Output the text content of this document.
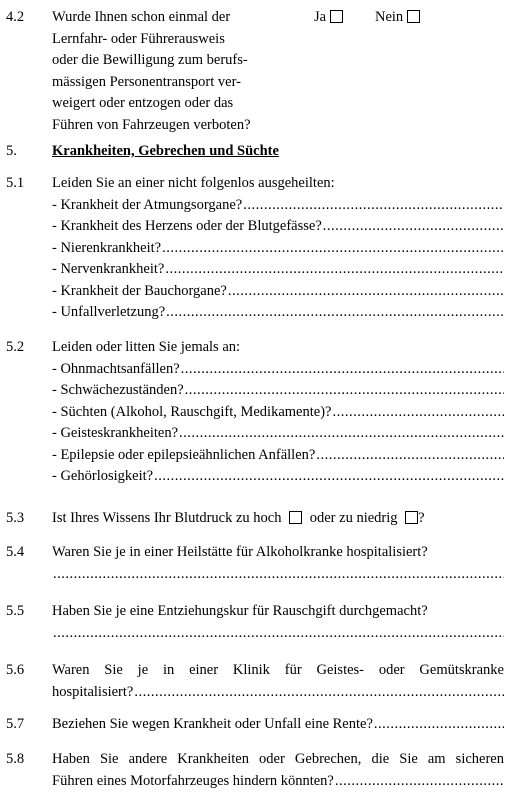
4.2 Wurde Ihnen schon einmal der
Lernfahr- oder Führerausweis
oder die Bewilligung zum berufs-
mässigen Personentransport ver-
weigert oder entzogen oder das
Führen von Fahrzeugen verboten?
Ja	Nein
5. Krankheiten, Gebrechen und Süchte
5.1 Leiden Sie an einer nicht folgenlos ausgeheilten:
- Krankheit der Atmungsorgane?
.....
- Krankheit des Herzens oder der Blutgefässe?
.....
- Nierenkrankheit?
.....
- Nervenkrankheit?
.....
- Krankheit der Bauchorgane?
.....
- Unfallverletzung?
.....
5.2 Leiden oder litten Sie jemals an:
- Ohnmachtsanfällen?
.....
- Schwächezuständen?
.....
- Süchten (Alkohol, Rauschgift, Medikamente)?
.....
- Geisteskrankheiten?
.....
- Epilepsie oder epilepsieähnlichen Anfällen?
.....
- Gehörlosigkeit?
.....
5.3 Ist Ihres Wissens Ihr Blutdruck zu hoch oder zu niedrig ?
5.4 Waren Sie je in einer Heilstätte für Alkoholkranke hospitalisiert?
.....
5.5 Haben Sie je eine Entziehungskur für Rauschgift durchgemacht?
.....
5.6 Waren Sie je in einer Klinik für Geistes- oder Gemütskranke
hospitalisiert?
.....
5.7 Beziehen Sie wegen Krankheit oder Unfall eine Rente?
.....
5.8 Haben Sie andere Krankheiten oder Gebrechen, die Sie am sicheren
Führen eines Motorfahrzeuges hindern könnten?
.....
